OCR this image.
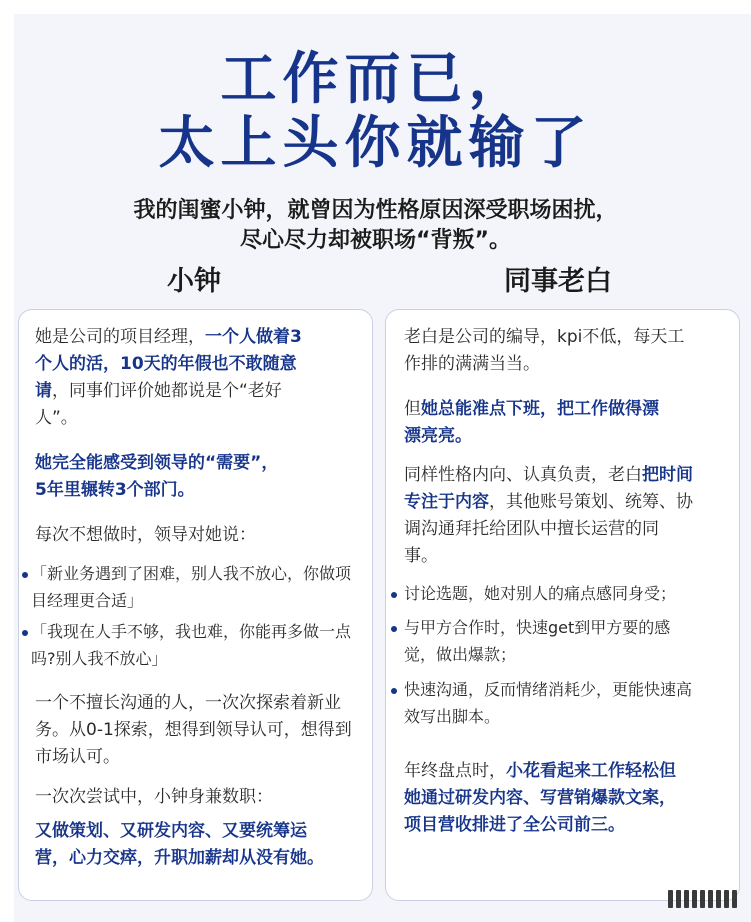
工作而已，
太上头你就输了
我的闺蜜小钟，就曾因为性格原因深受职场困扰，
尽心尽力却被职场“背叛”。
小钟	同事老白
她是公司的项目经理，一个人做着3
个人的活，10天的年假也不敢随意
请，同事们评价她都说是个“老好
人”。
她完全能感受到领导的“需要”，
5年里辗转3个部门。
每次不想做时，领导对她说：
「新业务遇到了困难，别人我不放心，你做项
目经理更合适」
「我现在人手不够，我也难，你能再多做一点
吗?别人我不放心」
一个不擅长沟通的人，一次次探索着新业
务。从0-1探索，想得到领导认可，想得到
市场认可。
一次次尝试中，小钟身兼数职：
又做策划、又研发内容、又要统筹运
营，心力交瘁，升职加薪却从没有她。
老白是公司的编导，kpi不低，每天工
作排的满满当当。
但她总能准点下班，把工作做得漂
漂亮亮。
同样性格内向、认真负责，老白把时间
专注于内容，其他账号策划、统筹、协
调沟通拜托给团队中擅长运营的同
事。
讨论选题，她对别人的痛点感同身受；
与甲方合作时，快速get到甲方要的感
觉，做出爆款；
快速沟通，反而情绪消耗少，更能快速高
效写出脚本。
年终盘点时，小花看起来工作轻松但
她通过研发内容、写营销爆款文案，
项目营收排进了全公司前三。
